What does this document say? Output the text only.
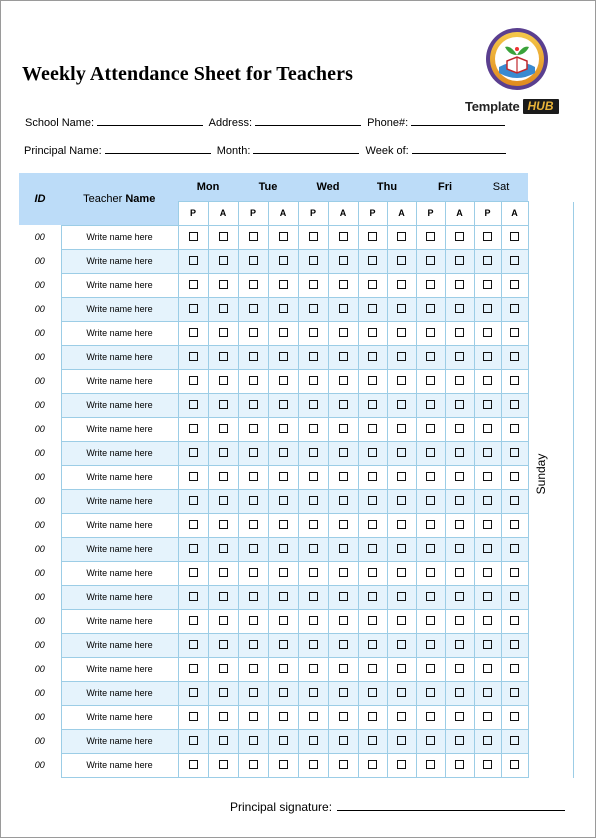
Weekly Attendance Sheet for Teachers
Template HUB
School Name:	Address:	Phone#:
Principal Name:	Month:	Week of:
ID	Teacher Name	Mon		Tue		Wed		Thu		Fri		Sat	
		P	A	P	A	P	A	P	A	P	A	P	A
00	Write name here												
00	Write name here												
00	Write name here												
00	Write name here												
00	Write name here												
00	Write name here												
00	Write name here												
00	Write name here												
00	Write name here												
00	Write name here												
00	Write name here												
00	Write name here												
00	Write name here												
00	Write name here												
00	Write name here												
00	Write name here												
00	Write name here												
00	Write name here												
00	Write name here												
00	Write name here												
00	Write name here												
00	Write name here												
00	Write name here												
Sunday
Principal signature:
